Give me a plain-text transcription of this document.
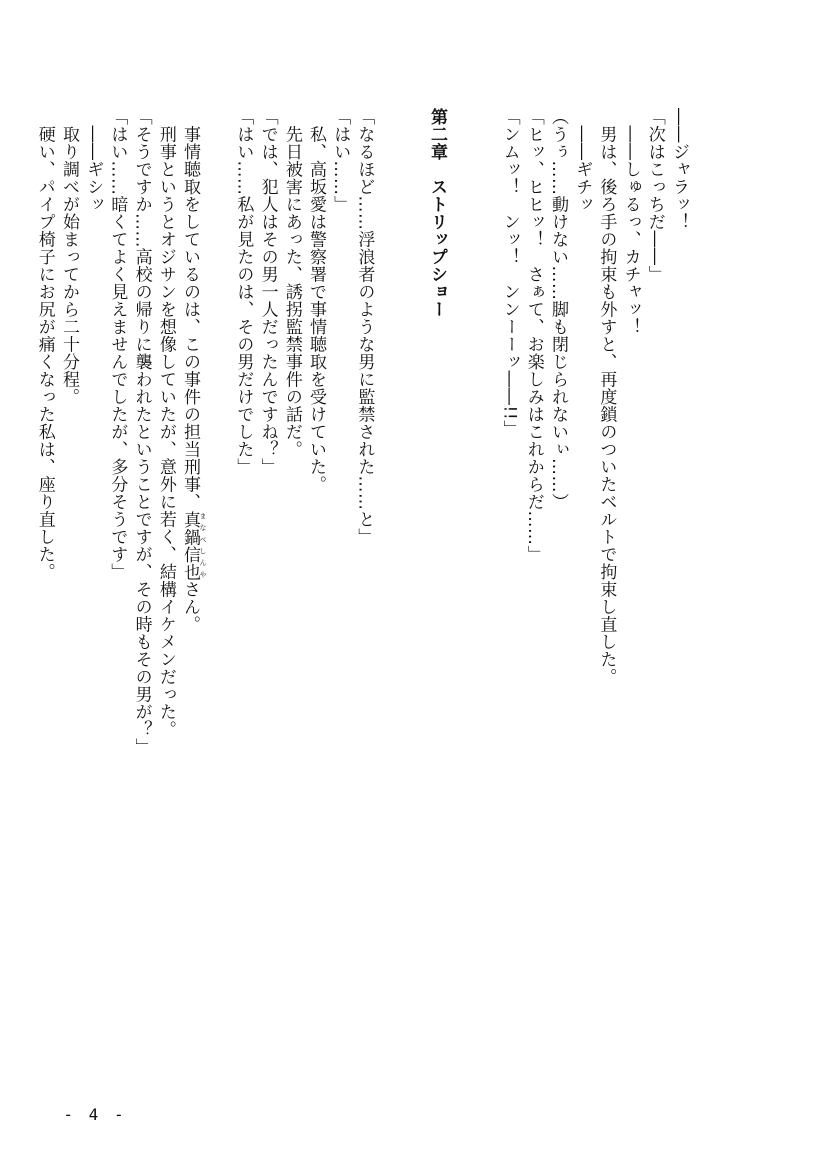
――ジャラッ！
「次はこっちだ――」
　――しゅるっ、カチャッ！
　男は、後ろ手の拘束も外すと、再度鎖のついたベルトで拘束し直した。
　――ギチッ
（うぅ……動けない……脚も閉じられないぃ……）
「ヒッ、ヒヒッ！　さぁて、お楽しみはこれからだ……」
「ンムッ！　ンッ！　ンンーーッ――!!」
第二章　ストリップショー
「なるほど……浮浪者のような男に監禁された……と」
「はい……」
　私、高坂愛は警察署で事情聴取を受けていた。
　先日被害にあった、誘拐監禁事件の話だ。
「では、犯人はその男一人だったんですね？」
「はい……私が見たのは、その男だけでした」
　事情聴取をしているのは、この事件の担当刑事、真鍋信也 まなべしんやさん。
　刑事というとオジサンを想像していたが、意外に若く、結構イケメンだった。
「そうですか……高校の帰りに襲われたということですが、その時もその男が？」
「はい……暗くてよく見えませんでしたが、多分そうです」
　――ギシッ
　取り調べが始まってから二十分程。
　硬い、パイプ椅子にお尻が痛くなった私は、座り直した。
- 4 -
